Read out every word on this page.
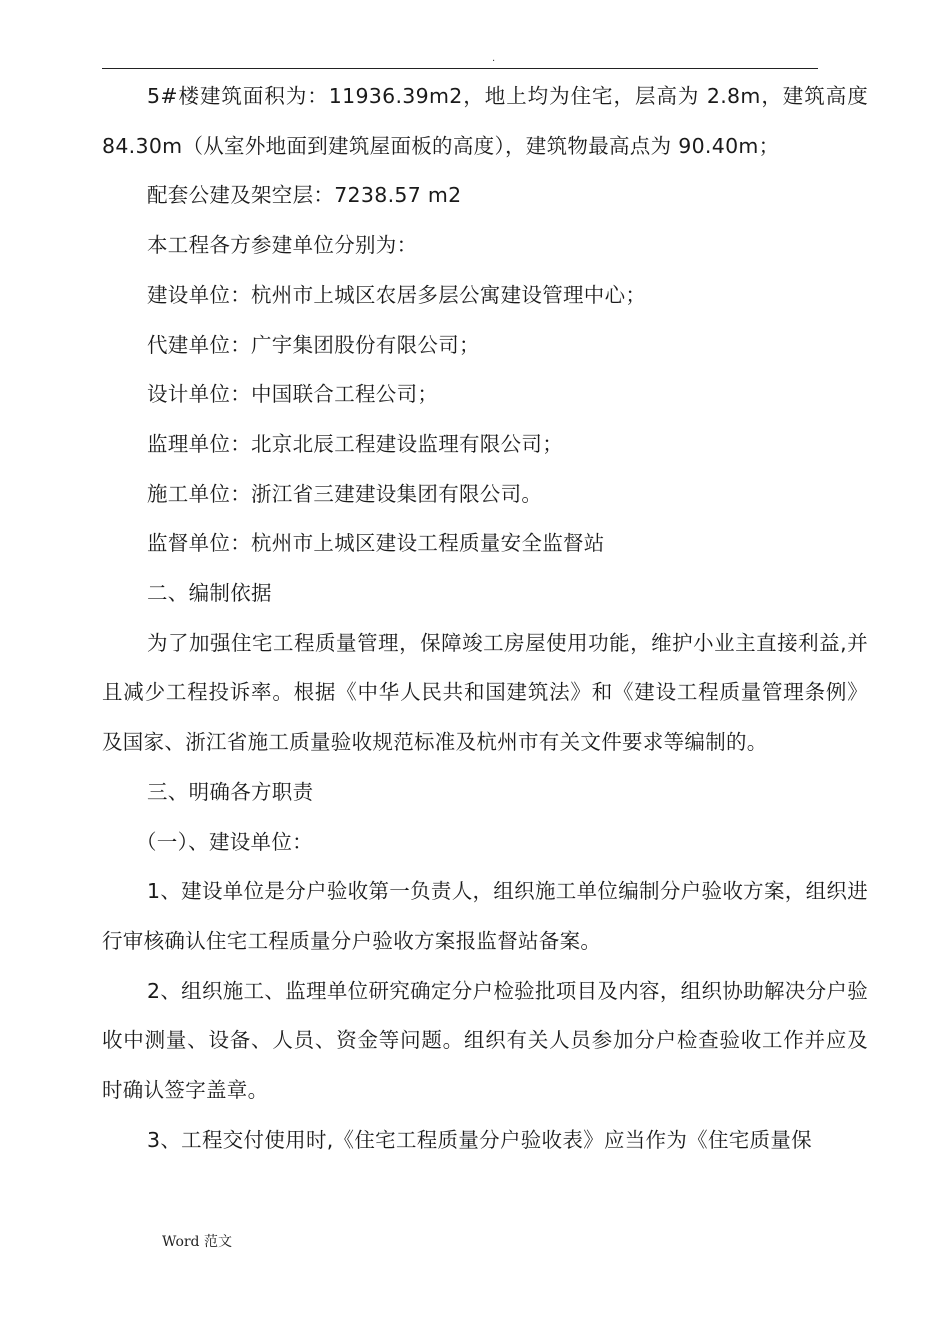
.

5#楼建筑面积为：11936.39m2，地上均为住宅，层高为 2.8m，建筑高度 84.30m（从室外地面到建筑屋面板的高度），建筑物最高点为 90.40m；

配套公建及架空层：7238.57 m2

本工程各方参建单位分别为：

建设单位：杭州市上城区农居多层公寓建设管理中心；

代建单位：广宇集团股份有限公司；

设计单位：中国联合工程公司；

监理单位：北京北辰工程建设监理有限公司；

施工单位：浙江省三建建设集团有限公司。

监督单位：杭州市上城区建设工程质量安全监督站

二、编制依据

为了加强住宅工程质量管理，保障竣工房屋使用功能，维护小业主直接利益,并且减少工程投诉率。根据《中华人民共和国建筑法》和《建设工程质量管理条例》及国家、浙江省施工质量验收规范标准及杭州市有关文件要求等编制的。

三、明确各方职责

（一）、建设单位：

1、建设单位是分户验收第一负责人，组织施工单位编制分户验收方案，组织进行审核确认住宅工程质量分户验收方案报监督站备案。

2、组织施工、监理单位研究确定分户检验批项目及内容，组织协助解决分户验收中测量、设备、人员、资金等问题。组织有关人员参加分户检查验收工作并应及时确认签字盖章。

3、工程交付使用时,《住宅工程质量分户验收表》应当作为《住宅质量保

Word 范文
